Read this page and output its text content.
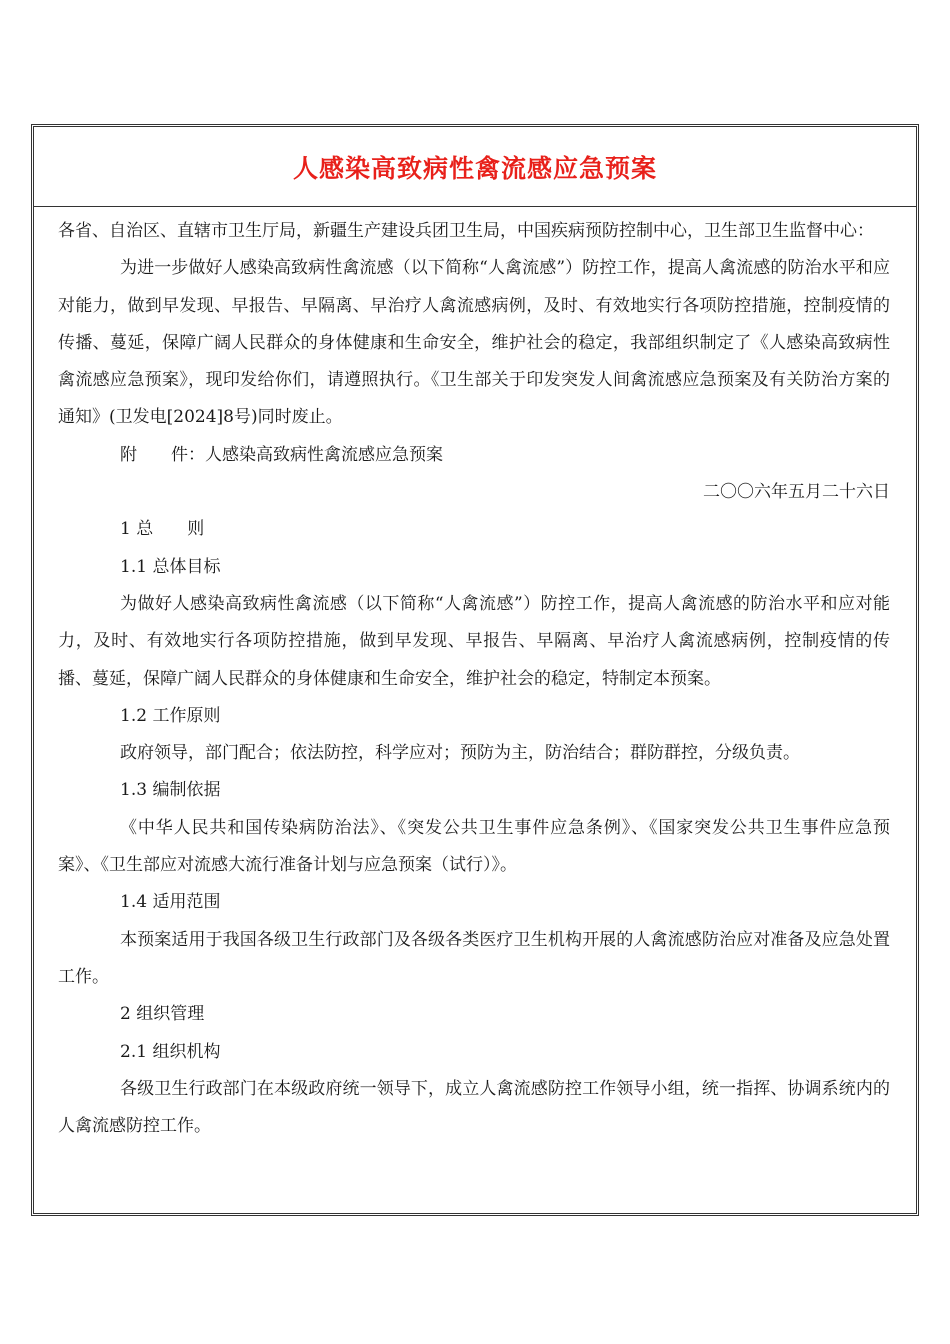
人感染高致病性禽流感应急预案

各省、自治区、直辖市卫生厅局，新疆生产建设兵团卫生局，中国疾病预防控制中心，卫生部卫生监督中心：

为进一步做好人感染高致病性禽流感（以下简称“人禽流感”）防控工作，提高人禽流感的防治水平和应对能力，做到早发现、早报告、早隔离、早治疗人禽流感病例，及时、有效地实行各项防控措施，控制疫情的传播、蔓延，保障广阔人民群众的身体健康和生命安全，维护社会的稳定，我部组织制定了《人感染高致病性禽流感应急预案》，现印发给你们，请遵照执行。《卫生部关于印发突发人间禽流感应急预案及有关防治方案的通知》(卫发电[2024]8号)同时废止。

附　　件：人感染高致病性禽流感应急预案

二〇〇六年五月二十六日

1 总　　则

1.1 总体目标

为做好人感染高致病性禽流感（以下简称“人禽流感”）防控工作，提高人禽流感的防治水平和应对能力，及时、有效地实行各项防控措施，做到早发现、早报告、早隔离、早治疗人禽流感病例，控制疫情的传播、蔓延，保障广阔人民群众的身体健康和生命安全，维护社会的稳定，特制定本预案。

1.2 工作原则

政府领导，部门配合；依法防控，科学应对；预防为主，防治结合；群防群控，分级负责。

1.3 编制依据

《中华人民共和国传染病防治法》、《突发公共卫生事件应急条例》、《国家突发公共卫生事件应急预案》、《卫生部应对流感大流行准备计划与应急预案（试行）》。

1.4 适用范围

本预案适用于我国各级卫生行政部门及各级各类医疗卫生机构开展的人禽流感防治应对准备及应急处置工作。

2 组织管理

2.1 组织机构

各级卫生行政部门在本级政府统一领导下，成立人禽流感防控工作领导小组，统一指挥、协调系统内的人禽流感防控工作。
